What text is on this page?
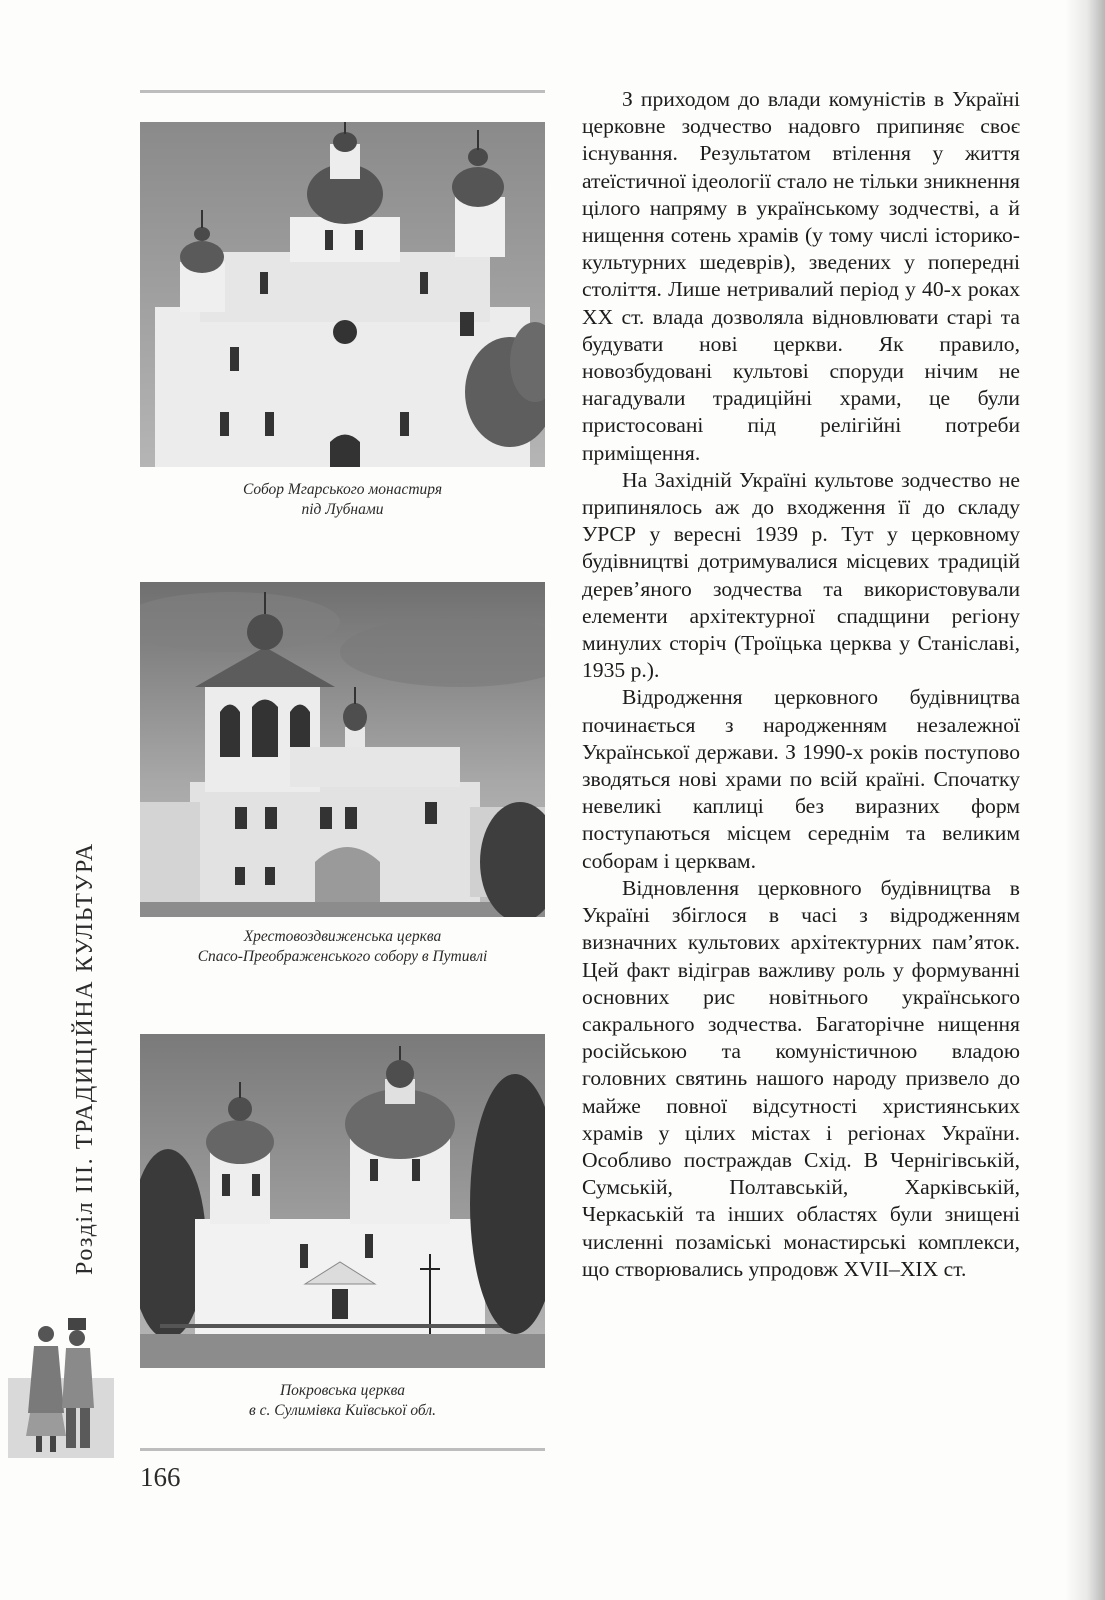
Собор Мгарського монастиря
під Лубнами
Хрестовоздвиженська церква
Спасо-Преображенського собору в Путивлі
Покровська церква
в с. Сулимівка Київської обл.
Розділ III. ТРАДИЦІЙНА КУЛЬТУРА
166

З приходом до влади комуністів в Україні церковне зодчество надовго припиняє своє існування. Результатом втілення у життя атеїстичної ідеології стало не тільки зникнення цілого напряму в українському зодчестві, а й нищення сотень храмів (у тому числі історико-культурних шедеврів), зведених у попередні століття. Лише нетривалий період у 40-х роках XX ст. влада дозволяла відновлювати старі та будувати нові церкви. Як правило, новозбудовані культові споруди нічим не нагадували традиційні храми, це були пристосовані під релігійні потреби приміщення.

На Західній Україні культове зодчество не припинялось аж до входження її до складу УРСР у вересні 1939 р. Тут у церковному будівництві дотримувалися місцевих традицій дерев’яного зодчества та використовували елементи архітектурної спадщини регіону минулих сторіч (Троїцька церква у Станіславі, 1935 р.).

Відродження церковного будівництва починається з народженням незалежної Української держави. З 1990-х років поступово зводяться нові храми по всій країні. Спочатку невеликі каплиці без виразних форм поступаються місцем середнім та великим соборам і церквам.

Відновлення церковного будівництва в Україні збіглося в часі з відродженням визначних культових архітектурних пам’яток. Цей факт відіграв важливу роль у формуванні основних рис новітнього українського сакрального зодчества. Багаторічне нищення російською та комуністичною владою головних святинь нашого народу призвело до майже повної відсутності християнських храмів у цілих містах і регіонах України. Особливо постраждав Схід. В Чернігівській, Сумській, Полтавській, Харківській, Черкаській та інших областях були знищені численні позаміські монастирські комплекси, що створювались упродовж XVII–XIX ст.
